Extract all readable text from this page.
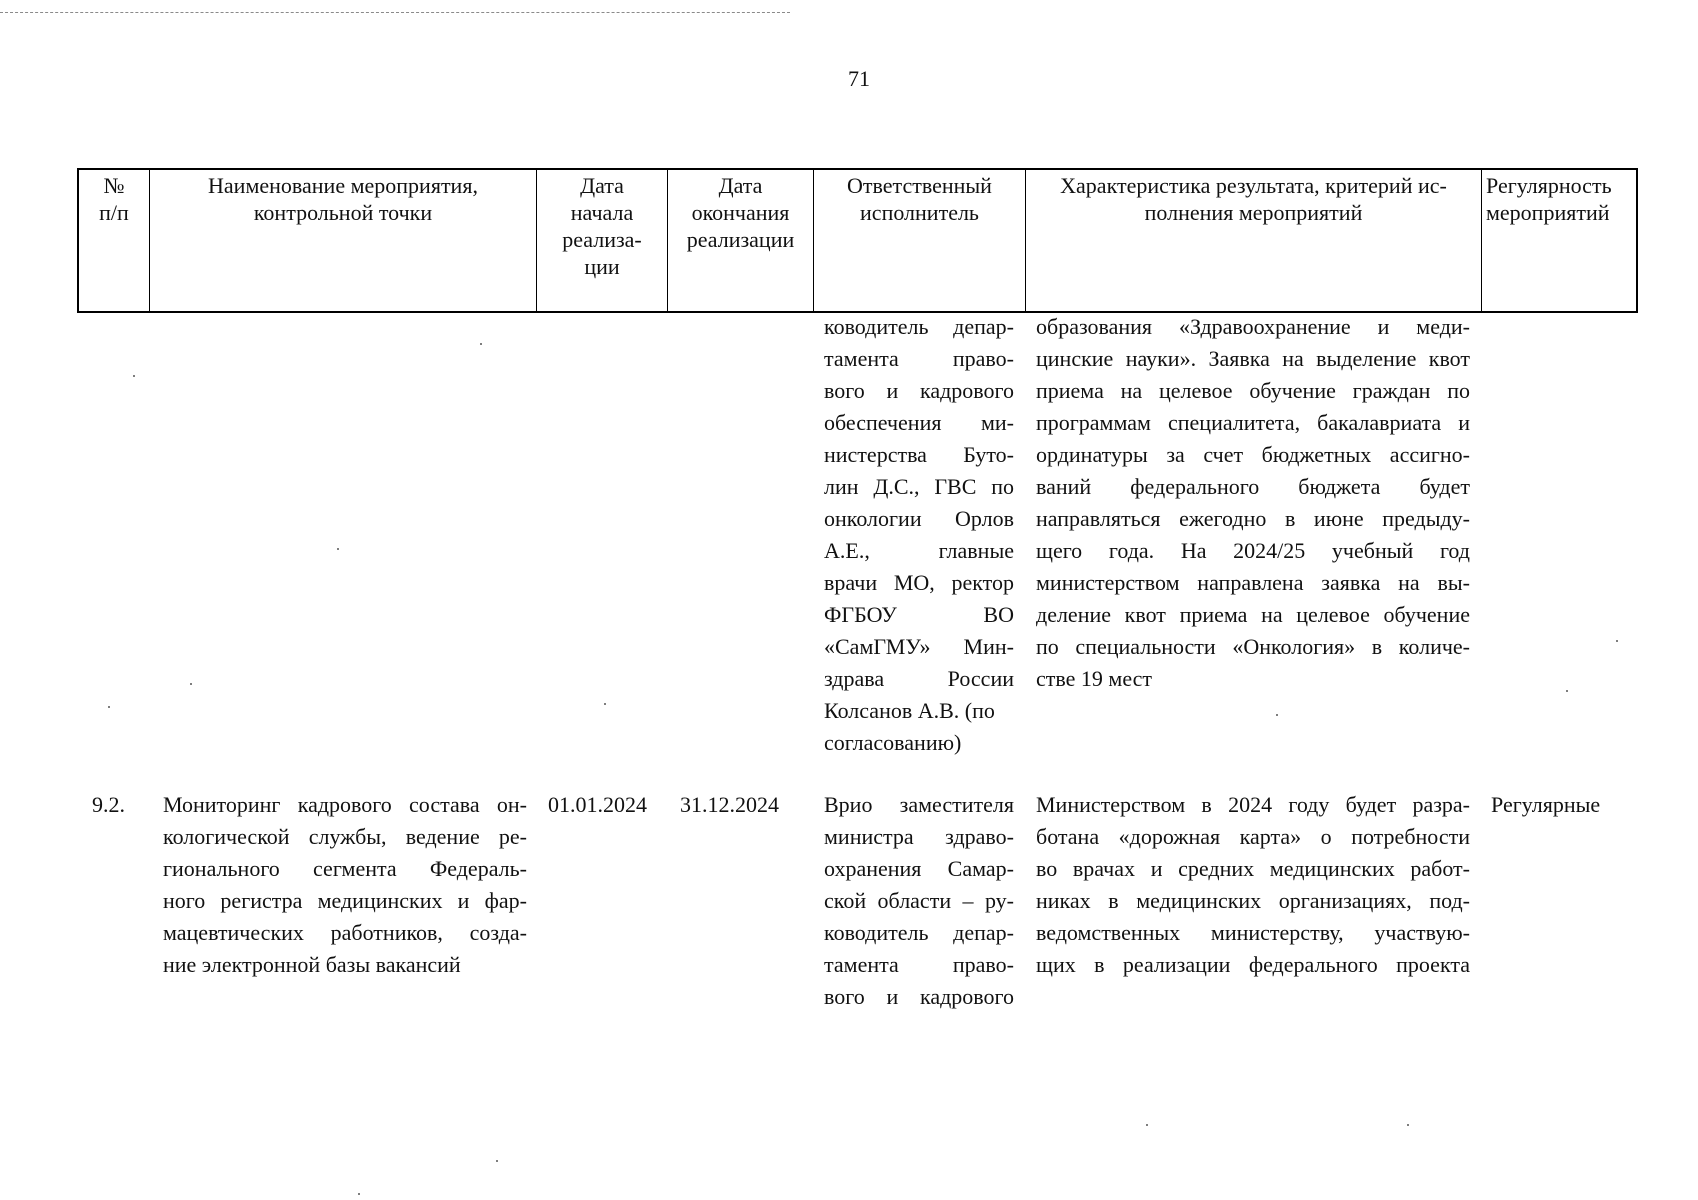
71
№
п/п
Наименование мероприятия,
контрольной точки
Дата
начала
реализа-
ции
Дата
окончания
реализации
Ответственный
исполнитель
Характеристика результата, критерий ис-
полнения мероприятий
Регулярность
мероприятий
ководитель депар-
тамента право-
вого и кадрового
обеспечения ми-
нистерства Буто-
лин Д.С., ГВС по
онкологии Орлов
А.Е., главные
врачи МО, ректор
ФГБОУ ВО
«СамГМУ» Мин-
здрава России
Колсанов А.В. (по
согласованию)
образования «Здравоохранение и меди-
цинские науки». Заявка на выделение квот
приема на целевое обучение граждан по
программам специалитета, бакалавриата и
ординатуры за счет бюджетных ассигно-
ваний федерального бюджета будет
направляться ежегодно в июне предыду-
щего года. На 2024/25 учебный год
министерством направлена заявка на вы-
деление квот приема на целевое обучение
по специальности «Онкология» в количе-
стве 19 мест
9.2. Мониторинг кадрового состава он-
кологической службы, ведение ре-
гионального сегмента Федераль-
ного регистра медицинских и фар-
мацевтических работников, созда-
ние электронной базы вакансий
01.01.2024 31.12.2024 Врио заместителя
министра здраво-
охранения Самар-
ской области – ру-
ководитель депар-
тамента право-
вого и кадрового
Министерством в 2024 году будет разра-
ботана «дорожная карта» о потребности
во врачах и средних медицинских работ-
никах в медицинских организациях, под-
ведомственных министерству, участвую-
щих в реализации федерального проекта
Регулярные
